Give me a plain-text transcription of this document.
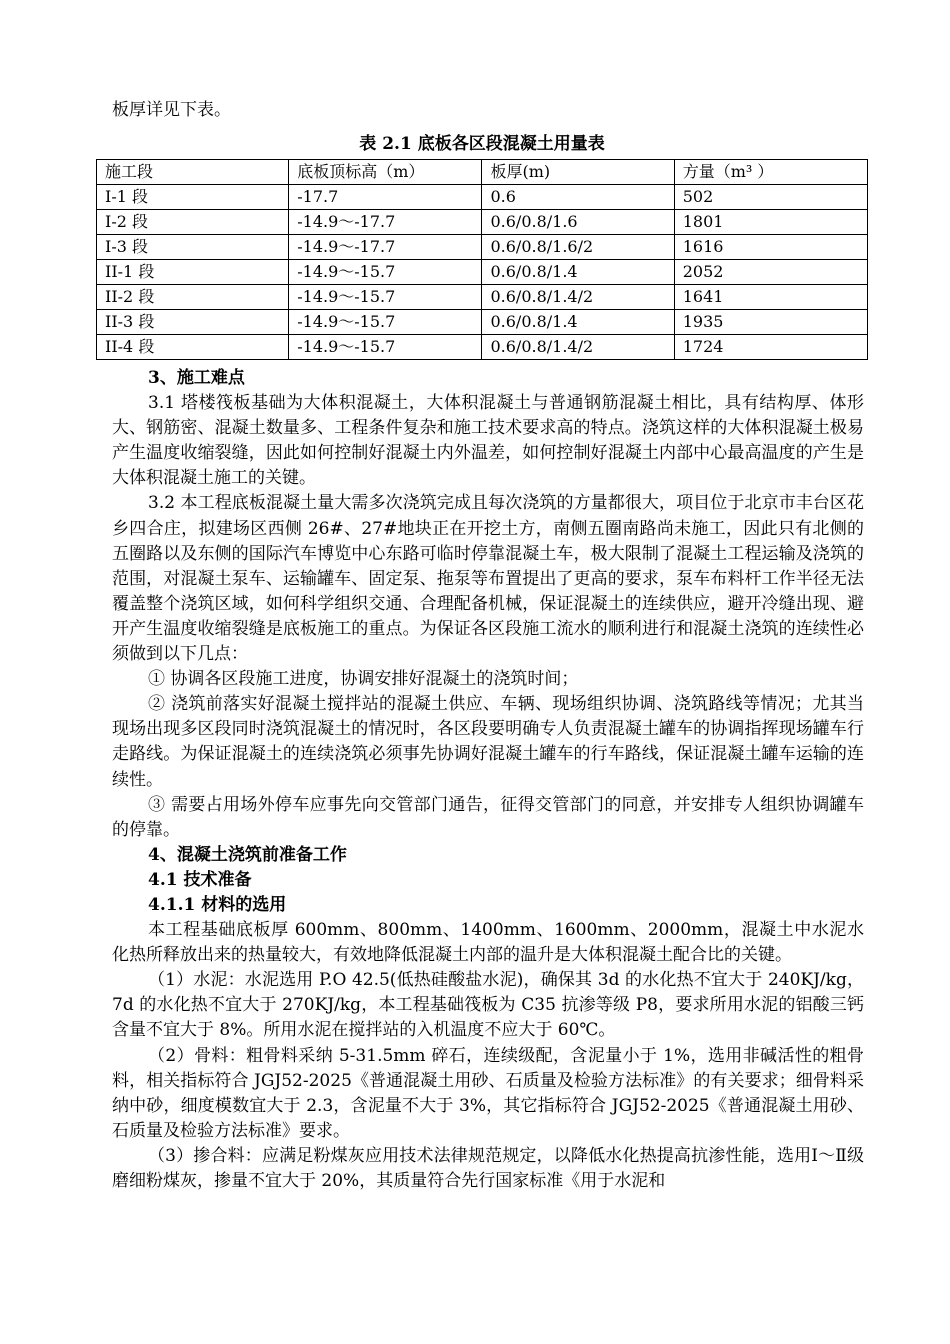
板厚详见下表。
表 2.1 底板各区段混凝土用量表
施工段	底板顶标高（m）	板厚(m)	方量（m³ ）
I-1 段	-17.7	0.6	502
I-2 段	-14.9～-17.7	0.6/0.8/1.6	1801
I-3 段	-14.9～-17.7	0.6/0.8/1.6/2	1616
II-1 段	-14.9～-15.7	0.6/0.8/1.4	2052
II-2 段	-14.9～-15.7	0.6/0.8/1.4/2	1641
II-3 段	-14.9～-15.7	0.6/0.8/1.4	1935
II-4 段	-14.9～-15.7	0.6/0.8/1.4/2	1724

3、施工难点

3.1 塔楼筏板基础为大体积混凝土，大体积混凝土与普通钢筋混凝土相比，具有结构厚、体形大、钢筋密、混凝土数量多、工程条件复杂和施工技术要求高的特点。浇筑这样的大体积混凝土极易产生温度收缩裂缝，因此如何控制好混凝土内外温差，如何控制好混凝土内部中心最高温度的产生是大体积混凝土施工的关键。

3.2 本工程底板混凝土量大需多次浇筑完成且每次浇筑的方量都很大，项目位于北京市丰台区花乡四合庄，拟建场区西侧 26#、27#地块正在开挖土方，南侧五圈南路尚未施工，因此只有北侧的五圈路以及东侧的国际汽车博览中心东路可临时停靠混凝土车，极大限制了混凝土工程运输及浇筑的范围，对混凝土泵车、运输罐车、固定泵、拖泵等布置提出了更高的要求，泵车布料杆工作半径无法覆盖整个浇筑区域，如何科学组织交通、合理配备机械，保证混凝土的连续供应，避开冷缝出现、避开产生温度收缩裂缝是底板施工的重点。为保证各区段施工流水的顺利进行和混凝土浇筑的连续性必须做到以下几点：

① 协调各区段施工进度，协调安排好混凝土的浇筑时间；

② 浇筑前落实好混凝土搅拌站的混凝土供应、车辆、现场组织协调、浇筑路线等情况；尤其当现场出现多区段同时浇筑混凝土的情况时，各区段要明确专人负责混凝土罐车的协调指挥现场罐车行走路线。为保证混凝土的连续浇筑必须事先协调好混凝土罐车的行车路线，保证混凝土罐车运输的连续性。

③ 需要占用场外停车应事先向交管部门通告，征得交管部门的同意，并安排专人组织协调罐车的停靠。

4、混凝土浇筑前准备工作

4.1 技术准备

4.1.1 材料的选用

本工程基础底板厚 600mm、800mm、1400mm、1600mm、2000mm，混凝土中水泥水化热所释放出来的热量较大，有效地降低混凝土内部的温升是大体积混凝土配合比的关键。

（1）水泥：水泥选用 P.O 42.5(低热硅酸盐水泥)，确保其 3d 的水化热不宜大于 240KJ/kg，7d 的水化热不宜大于 270KJ/kg，本工程基础筏板为 C35 抗渗等级 P8，要求所用水泥的铝酸三钙含量不宜大于 8%。所用水泥在搅拌站的入机温度不应大于 60℃。

（2）骨料：粗骨料采纳 5-31.5mm 碎石，连续级配，含泥量小于 1%，选用非碱活性的粗骨料，相关指标符合 JGJ52-2025《普通混凝土用砂、石质量及检验方法标准》的有关要求；细骨料采纳中砂，细度模数宜大于 2.3，含泥量不大于 3%，其它指标符合 JGJ52-2025《普通混凝土用砂、石质量及检验方法标准》要求。

（3）掺合料：应满足粉煤灰应用技术法律规范规定，以降低水化热提高抗渗性能，选用Ⅰ～Ⅱ级磨细粉煤灰，掺量不宜大于 20%，其质量符合先行国家标准《用于水泥和
